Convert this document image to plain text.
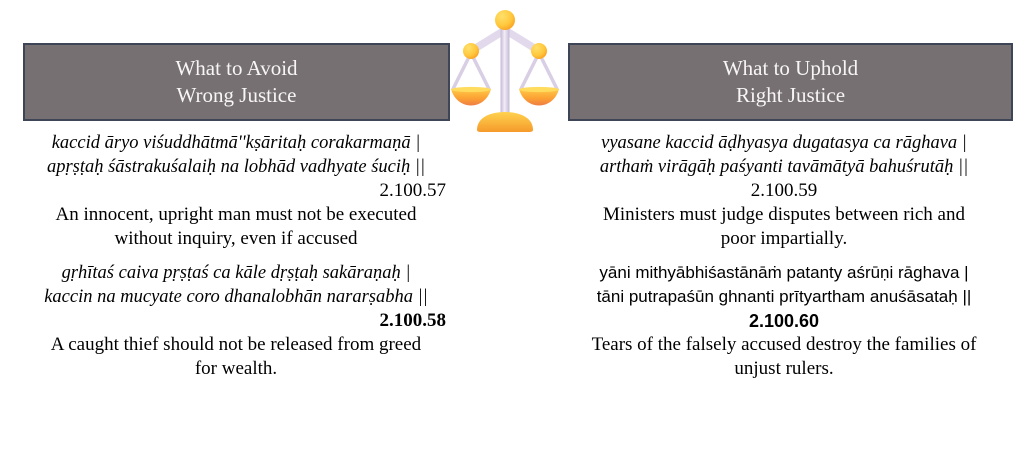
What to Avoid
Wrong Justice
What to Uphold
Right Justice
kaccid āryo viśuddhātmā''kṣāritaḥ corakarmaṇā |
apṛṣṭaḥ śāstrakuśalaiḥ na lobhād vadhyate śuciḥ ||
2.100.57
An innocent, upright man must not be executed
without inquiry, even if accused
gṛhītaś caiva pṛṣṭaś ca kāle dṛṣṭaḥ sakāraṇaḥ |
kaccin na mucyate coro dhanalobhān nararṣabha ||
2.100.58
A caught thief should not be released from greed
for wealth.
vyasane kaccid āḍhyasya dugatasya ca rāghava |
arthaṁ virāgāḥ paśyanti tavāmātyā bahuśrutāḥ ||
2.100.59
Ministers must judge disputes between rich and
poor impartially.
yāni mithyābhiśastānāṁ patanty aśrūṇi rāghava |
tāni putrapaśūn ghnanti prītyartham anuśāsataḥ ||
2.100.60
Tears of the falsely accused destroy the families of
unjust rulers.
